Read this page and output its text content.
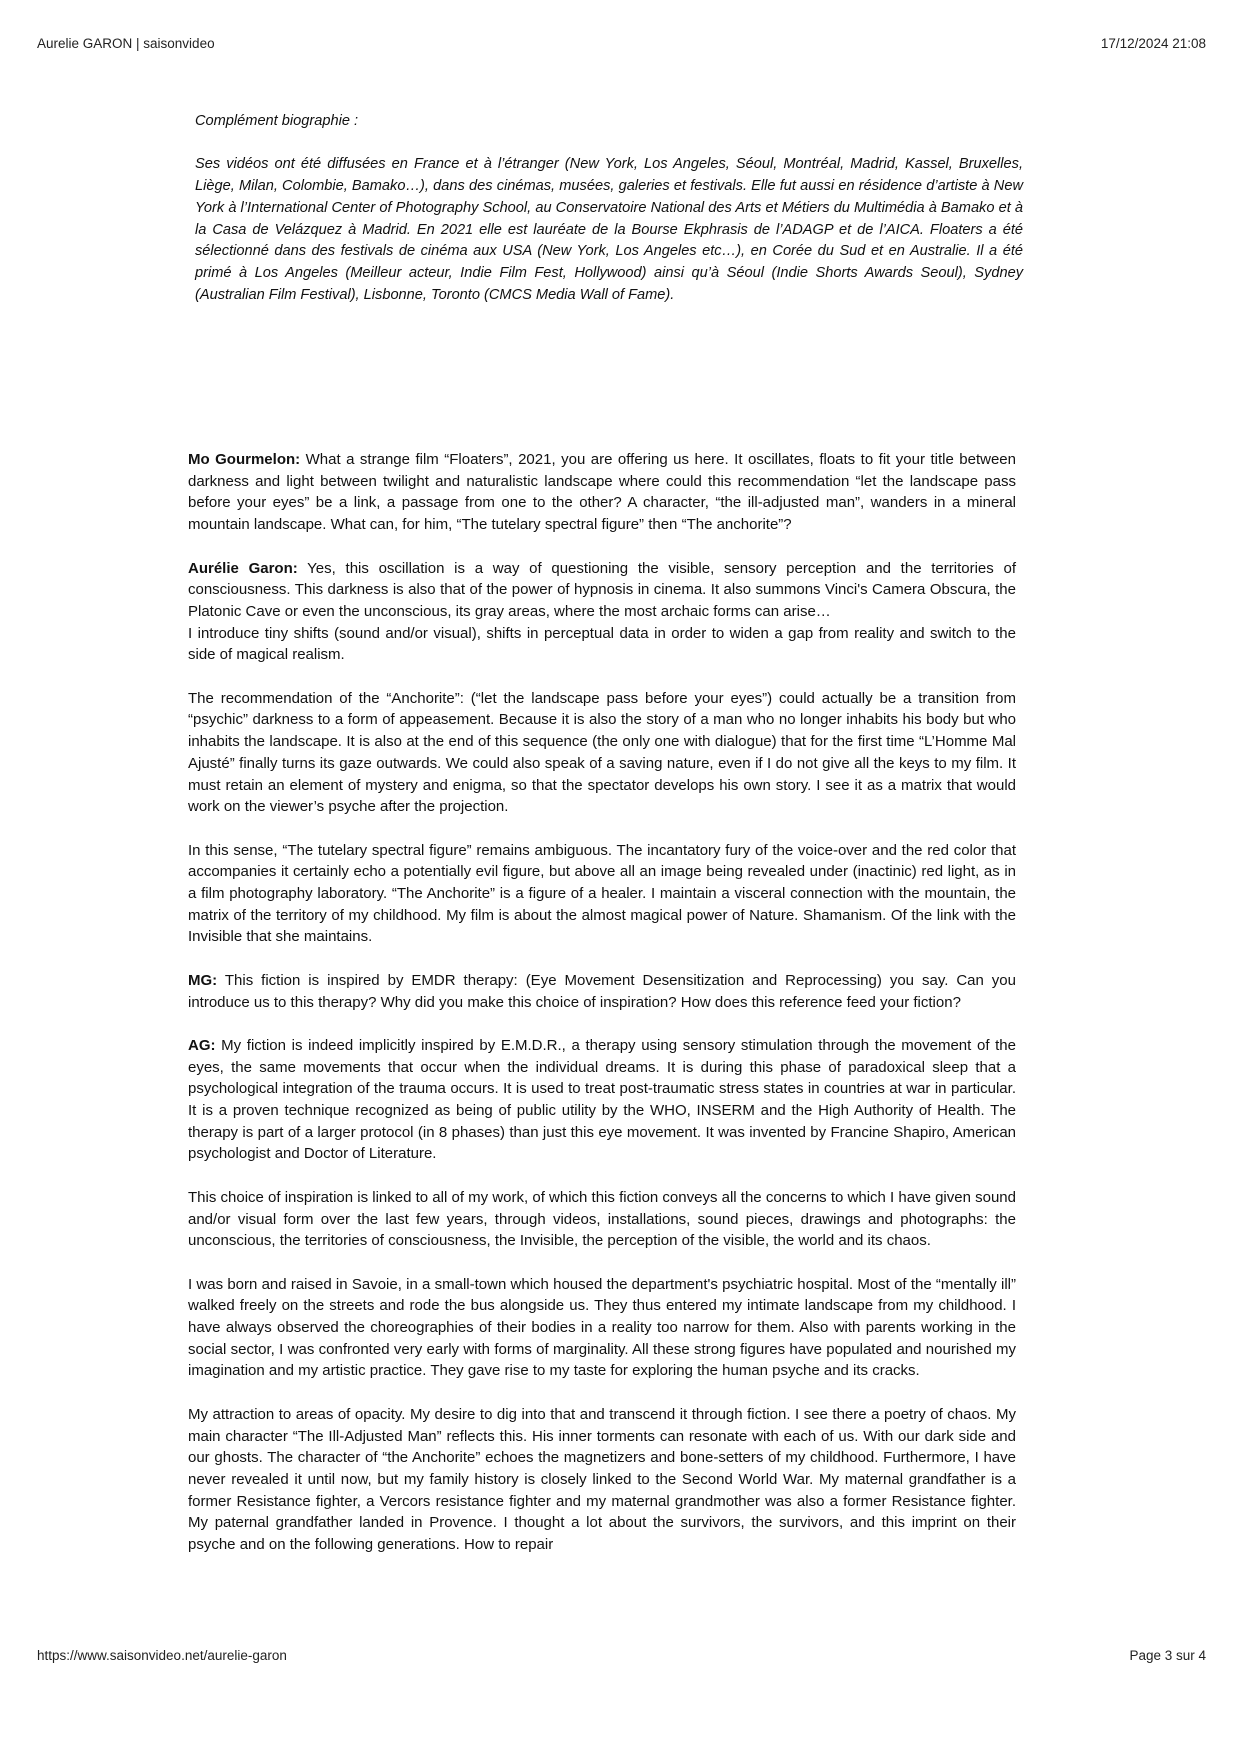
Aurelie GARON | saisonvideo	17/12/2024 21:08

Complément biographie :

Ses vidéos ont été diffusées en France et à l’étranger (New York, Los Angeles, Séoul, Montréal, Madrid, Kassel, Bruxelles, Liège, Milan, Colombie, Bamako…), dans des cinémas, musées, galeries et festivals. Elle fut aussi en résidence d’artiste à New York à l’International Center of Photography School, au Conservatoire National des Arts et Métiers du Multimédia à Bamako et à la Casa de Velázquez à Madrid. En 2021 elle est lauréate de la Bourse Ekphrasis de l’ADAGP et de l’AICA. Floaters a été sélectionné dans des festivals de cinéma aux USA (New York, Los Angeles etc…), en Corée du Sud et en Australie. Il a été primé à Los Angeles (Meilleur acteur, Indie Film Fest, Hollywood) ainsi qu’à Séoul (Indie Shorts Awards Seoul), Sydney (Australian Film Festival), Lisbonne, Toronto (CMCS Media Wall of Fame).

Mo Gourmelon: What a strange film “Floaters”, 2021, you are offering us here. It oscillates, floats to fit your title between darkness and light between twilight and naturalistic landscape where could this recommendation “let the landscape pass before your eyes” be a link, a passage from one to the other? A character, “the ill-adjusted man”, wanders in a mineral mountain landscape. What can, for him, “The tutelary spectral figure” then “The anchorite”?

Aurélie Garon: Yes, this oscillation is a way of questioning the visible, sensory perception and the territories of consciousness. This darkness is also that of the power of hypnosis in cinema. It also summons Vinci's Camera Obscura, the Platonic Cave or even the unconscious, its gray areas, where the most archaic forms can arise…
I introduce tiny shifts (sound and/or visual), shifts in perceptual data in order to widen a gap from reality and switch to the side of magical realism.

The recommendation of the “Anchorite”: (“let the landscape pass before your eyes”) could actually be a transition from “psychic” darkness to a form of appeasement. Because it is also the story of a man who no longer inhabits his body but who inhabits the landscape. It is also at the end of this sequence (the only one with dialogue) that for the first time “L’Homme Mal Ajusté” finally turns its gaze outwards. We could also speak of a saving nature, even if I do not give all the keys to my film. It must retain an element of mystery and enigma, so that the spectator develops his own story. I see it as a matrix that would work on the viewer’s psyche after the projection.

In this sense, “The tutelary spectral figure” remains ambiguous. The incantatory fury of the voice-over and the red color that accompanies it certainly echo a potentially evil figure, but above all an image being revealed under (inactinic) red light, as in a film photography laboratory. “The Anchorite” is a figure of a healer. I maintain a visceral connection with the mountain, the matrix of the territory of my childhood. My film is about the almost magical power of Nature. Shamanism. Of the link with the Invisible that she maintains.

MG: This fiction is inspired by EMDR therapy: (Eye Movement Desensitization and Reprocessing) you say. Can you introduce us to this therapy? Why did you make this choice of inspiration? How does this reference feed your fiction?

AG: My fiction is indeed implicitly inspired by E.M.D.R., a therapy using sensory stimulation through the movement of the eyes, the same movements that occur when the individual dreams. It is during this phase of paradoxical sleep that a psychological integration of the trauma occurs. It is used to treat post-traumatic stress states in countries at war in particular. It is a proven technique recognized as being of public utility by the WHO, INSERM and the High Authority of Health. The therapy is part of a larger protocol (in 8 phases) than just this eye movement. It was invented by Francine Shapiro, American psychologist and Doctor of Literature.

This choice of inspiration is linked to all of my work, of which this fiction conveys all the concerns to which I have given sound and/or visual form over the last few years, through videos, installations, sound pieces, drawings and photographs: the unconscious, the territories of consciousness, the Invisible, the perception of the visible, the world and its chaos.

I was born and raised in Savoie, in a small-town which housed the department's psychiatric hospital. Most of the “mentally ill” walked freely on the streets and rode the bus alongside us. They thus entered my intimate landscape from my childhood. I have always observed the choreographies of their bodies in a reality too narrow for them. Also with parents working in the social sector, I was confronted very early with forms of marginality. All these strong figures have populated and nourished my imagination and my artistic practice. They gave rise to my taste for exploring the human psyche and its cracks.

My attraction to areas of opacity. My desire to dig into that and transcend it through fiction. I see there a poetry of chaos. My main character “The Ill-Adjusted Man” reflects this. His inner torments can resonate with each of us. With our dark side and our ghosts. The character of “the Anchorite” echoes the magnetizers and bone-setters of my childhood. Furthermore, I have never revealed it until now, but my family history is closely linked to the Second World War. My maternal grandfather is a former Resistance fighter, a Vercors resistance fighter and my maternal grandmother was also a former Resistance fighter. My paternal grandfather landed in Provence. I thought a lot about the survivors, the survivors, and this imprint on their psyche and on the following generations. How to repair

https://www.saisonvideo.net/aurelie-garon	Page 3 sur 4
